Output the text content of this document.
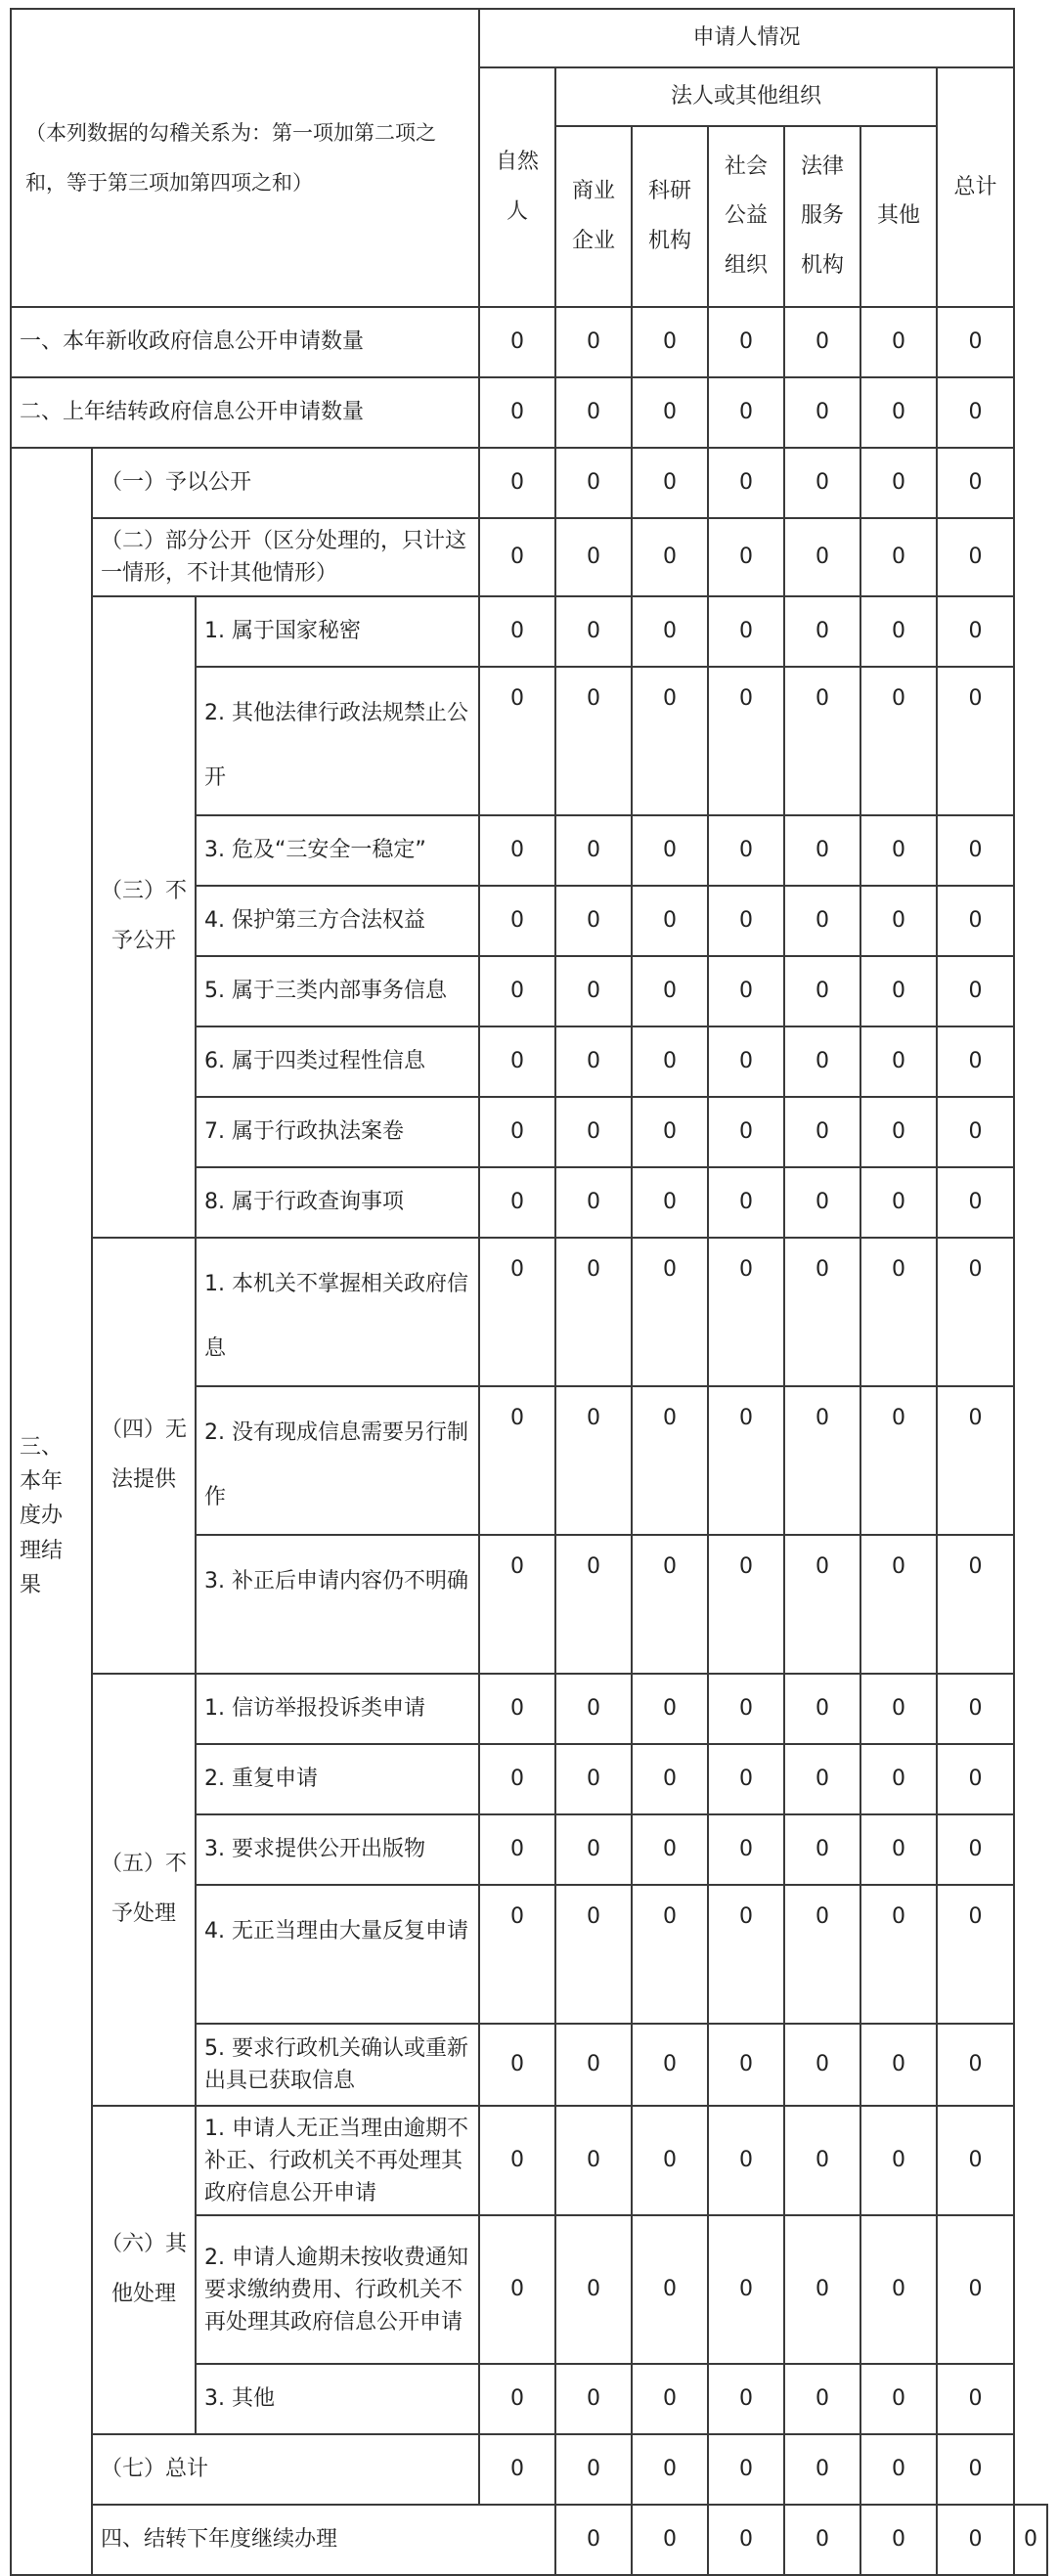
（本列数据的勾稽关系为：第一项加第二项之和，等于第三项加第四项之和）			申请人情况							
			自然人	法人或其他组织					总计	
				商业企业	科研机构	社会公益组织	法律服务机构	其他		
一、本年新收政府信息公开申请数量			0	0	0	0	0	0	0	
二、上年结转政府信息公开申请数量			0	0	0	0	0	0	0	
三、本年度办理结果	（一）予以公开		0	0	0	0	0	0	0	
	（二）部分公开（区分处理的，只计这一情形，不计其他情形）		0	0	0	0	0	0	0	
	（三）不予公开	1. 属于国家秘密	0	0	0	0	0	0	0	
		2. 其他法律行政法规禁止公开	0	0	0	0	0	0	0	
		3. 危及“三安全一稳定”	0	0	0	0	0	0	0	
		4. 保护第三方合法权益	0	0	0	0	0	0	0	
		5. 属于三类内部事务信息	0	0	0	0	0	0	0	
		6. 属于四类过程性信息	0	0	0	0	0	0	0	
		7. 属于行政执法案卷	0	0	0	0	0	0	0	
		8. 属于行政查询事项	0	0	0	0	0	0	0	
	（四）无法提供	1. 本机关不掌握相关政府信息	0	0	0	0	0	0	0	
		2. 没有现成信息需要另行制作	0	0	0	0	0	0	0	
		3. 补正后申请内容仍不明确	0	0	0	0	0	0	0	
	（五）不予处理	1. 信访举报投诉类申请	0	0	0	0	0	0	0	
		2. 重复申请	0	0	0	0	0	0	0	
		3. 要求提供公开出版物	0	0	0	0	0	0	0	
		4. 无正当理由大量反复申请	0	0	0	0	0	0	0	
		5. 要求行政机关确认或重新出具已获取信息	0	0	0	0	0	0	0	
	（六）其他处理	1. 申请人无正当理由逾期不补正、行政机关不再处理其政府信息公开申请	0	0	0	0	0	0	0	
		2. 申请人逾期未按收费通知要求缴纳费用、行政机关不再处理其政府信息公开申请	0	0	0	0	0	0	0	
		3. 其他	0	0	0	0	0	0	0	
	（七）总计		0	0	0	0	0	0	0	
	四、结转下年度继续办理			0	0	0	0	0	0	0
